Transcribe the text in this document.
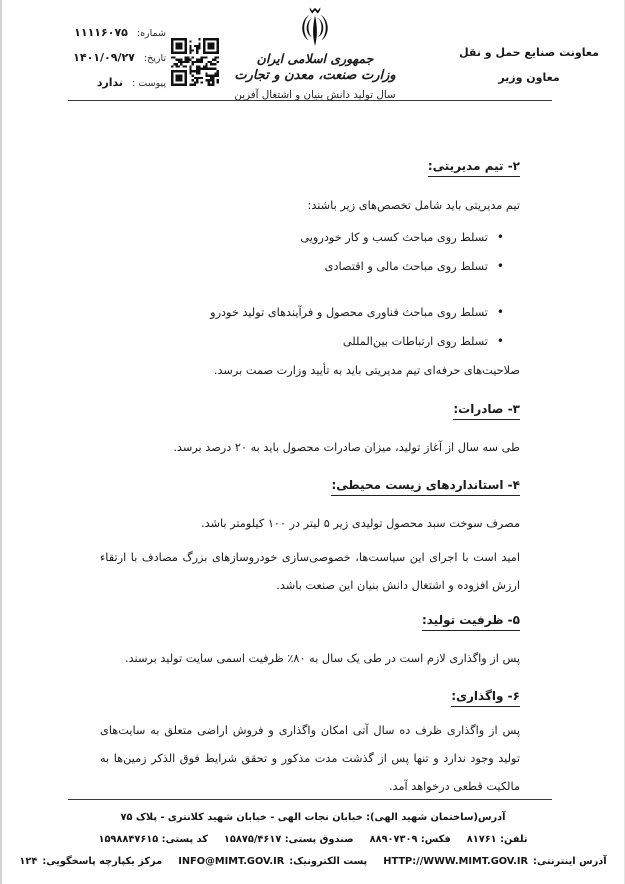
شماره:
۱۱۱۱۶۰۷۵
تاریخ:
۱۴۰۱/۰۹/۲۷
پیوست :
ندارد
جمهوری اسلامی ایران
وزارت صنعت، معدن و تجارت
سال تولید دانش بنیان و اشتغال آفرین
معاونت صنایع حمل و نقل
معاون وزیر
۲- تیم مدیریتی:
تیم مدیریتی باید شامل تخصص‌های زیر باشند:
•
تسلط روی مباحث کسب و کار خودرویی
•
تسلط روی مباحث مالی و اقتصادی
•
تسلط روی مباحث فناوری محصول و فرآیندهای تولید خودرو
•
تسلط روی ارتباطات بین‌المللی
صلاحیت‌های حرفه‌ای تیم مدیریتی باید به تأیید وزارت صمت برسد.
۳- صادرات:
طی سه سال از آغاز تولید، میزان صادرات محصول باید به ۲۰ درصد برسد.
۴- استانداردهای زیست محیطی:
مصرف سوخت سبد محصول تولیدی زیر ۵ لیتر در ۱۰۰ کیلومتر باشد.
امید است با اجرای این سیاست‌ها، خصوصی‌سازی خودروسازهای بزرگ مصادف با ارتقاء ارزش افزوده و اشتغال دانش بنیان این صنعت باشد.
۵- ظرفیت تولید:
پس از واگذاری لازم است در طی یک سال به ۸۰٪ ظرفیت اسمی سایت تولید برسند.
۶- واگذاری:
پس از واگذاری ظرف ده سال آتی امکان واگذاری و فروش اراضی متعلق به سایت‌های تولید وجود ندارد و تنها پس از گذشت مدت مذکور و تحقق شرایط فوق الذکر زمین‌ها به مالکیت قطعی درخواهد آمد.
آدرس(ساختمان شهید الهی): خیابان نجات الهی - خیابان شهید کلانتری - پلاک ۷۵
تلفن: ۸۱۷۶۱
فکس: ۸۸۹۰۷۳۰۹
صندوق پستی: ۱۵۸۷۵/۴۶۱۷
کد پستی: ۱۵۹۸۸۴۷۶۱۵
آدرس اینترنتی:
HTTP://WWW.MIMT.GOV.IR
پست الکترونیک:
INFO@MIMT.GOV.IR
مرکز یکپارچه پاسخگویی:
۱۲۴
